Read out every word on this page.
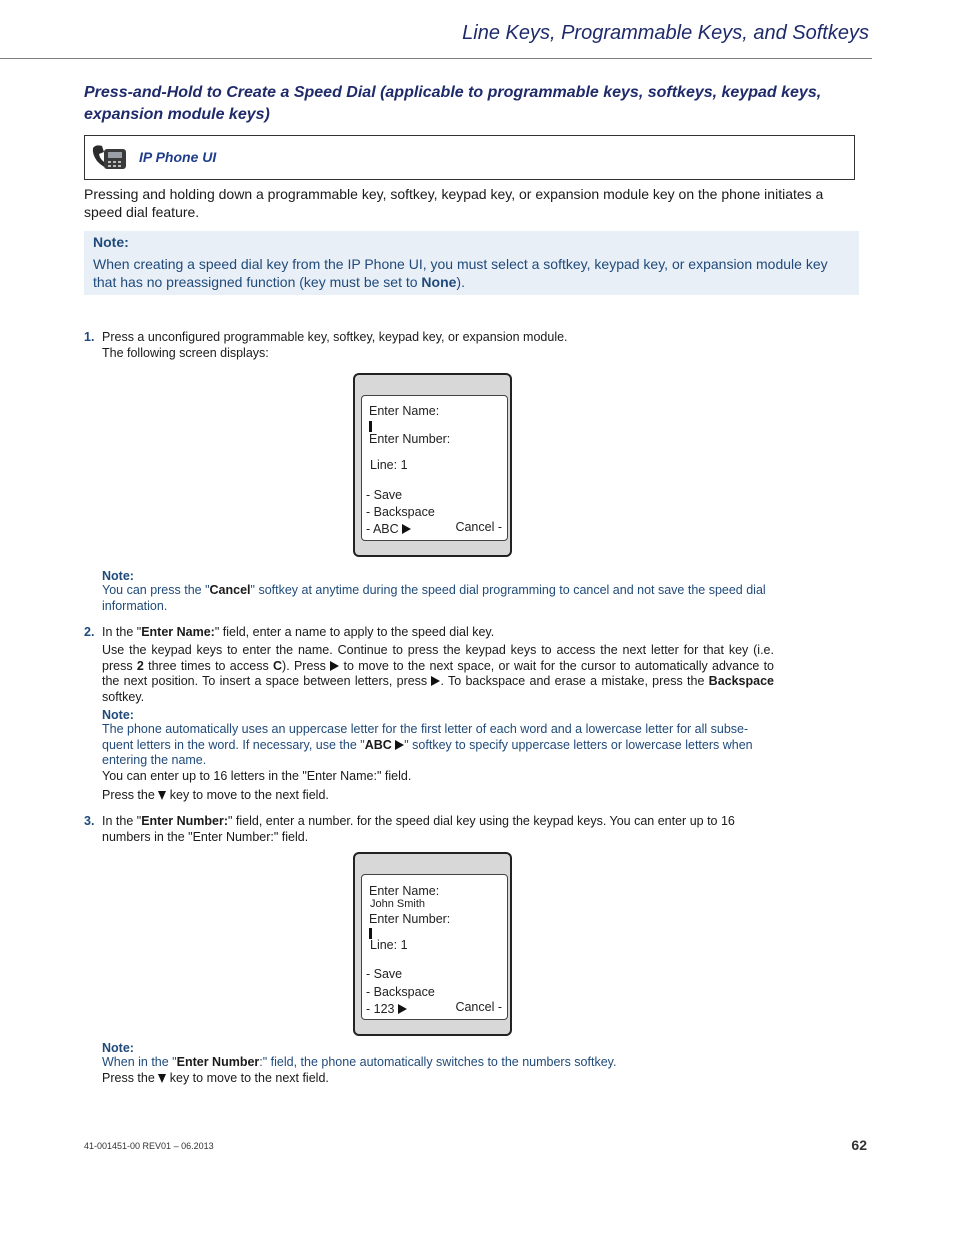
Line Keys, Programmable Keys, and Softkeys
Press-and-Hold to Create a Speed Dial (applicable to programmable keys, softkeys, keypad keys, expansion module keys)
IP Phone UI
Pressing and holding down a programmable key, softkey, keypad key, or expansion module key on the phone initiates a speed dial feature.
Note:
When creating a speed dial key from the IP Phone UI, you must select a softkey, keypad key, or expansion module key that has no preassigned function (key must be set to None).
1. Press a unconfigured programmable key, softkey, keypad key, or expansion module.
The following screen displays:
Enter Name:
Enter Number:
Line: 1
- Save
- Backspace
- ABC	Cancel -
Note:
You can press the "Cancel" softkey at anytime during the speed dial programming to cancel and not save the speed dial information.
2. In the "Enter Name:" field, enter a name to apply to the speed dial key.
Use the keypad keys to enter the name. Continue to press the keypad keys to access the next letter for that key (i.e. press 2 three times to access C). Press  to move to the next space, or wait for the cursor to automatically advance to the next position. To insert a space between letters, press . To backspace and erase a mistake, press the Backspace softkey.
Note:
The phone automatically uses an uppercase letter for the first letter of each word and a lowercase letter for all subse-quent letters in the word. If necessary, use the "ABC " softkey to specify uppercase letters or lowercase letters when entering the name.
You can enter up to 16 letters in the "Enter Name:" field.
Press the  key to move to the next field.
3. In the "Enter Number:" field, enter a number. for the speed dial key using the keypad keys. You can enter up to 16 numbers in the "Enter Number:" field.
Enter Name:
John Smith
Enter Number:
Line: 1
- Save
- Backspace
- 123	Cancel -
Note:
When in the "Enter Number:" field, the phone automatically switches to the numbers softkey.
Press the  key to move to the next field.
41-001451-00 REV01 – 06.2013	62
